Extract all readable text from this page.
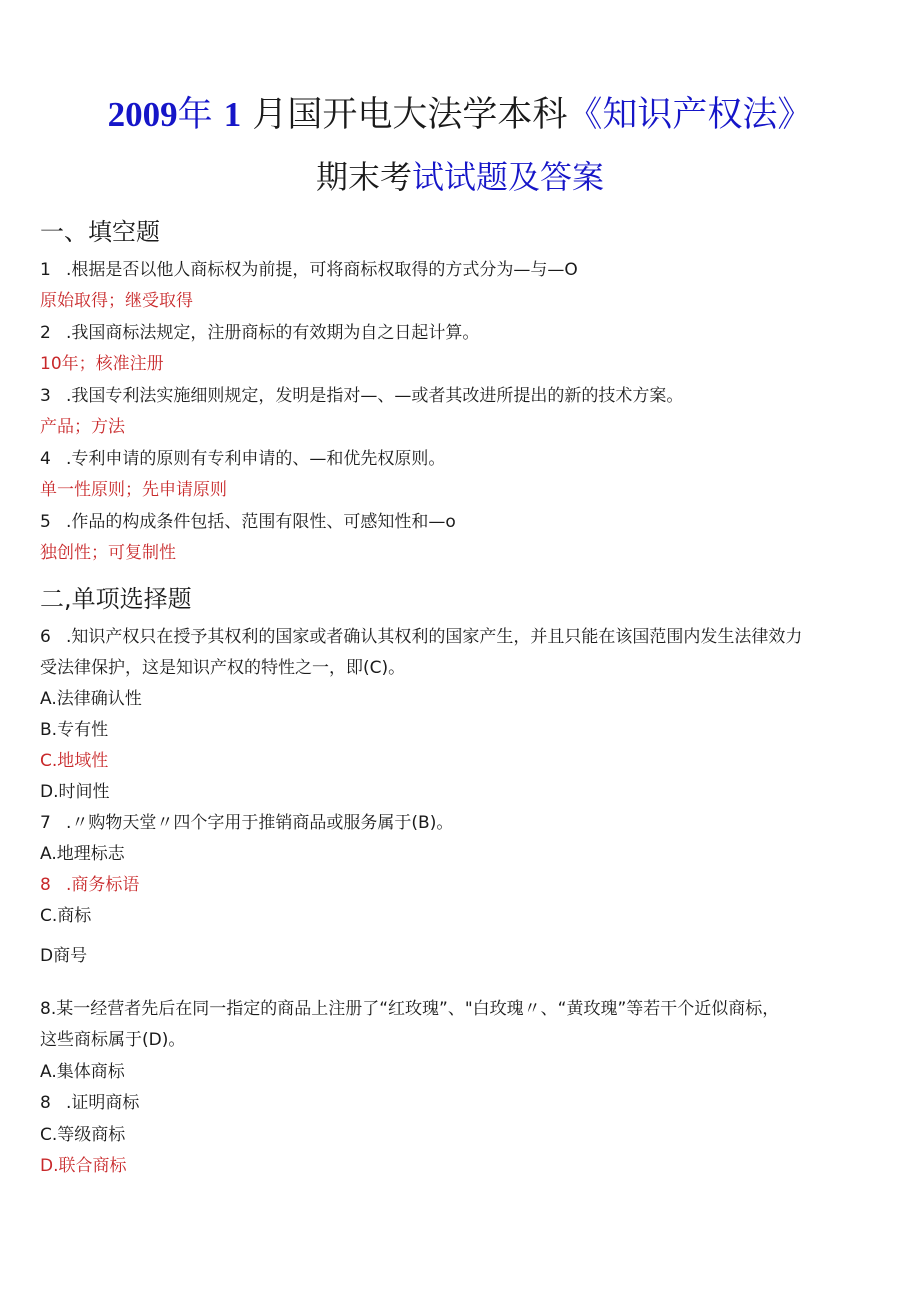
2009年 1 月国开电大法学本科《知识产权法》
期末考试试题及答案
一、填空题
1 .根据是否以他人商标权为前提，可将商标权取得的方式分为—与—O
原始取得；继受取得
2 .我国商标法规定，注册商标的有效期为自之日起计算。
10年；核准注册
3 .我国专利法实施细则规定，发明是指对—、—或者其改进所提出的新的技术方案。
产品；方法
4 .专利申请的原则有专利申请的、—和优先权原则。
单一性原则；先申请原则
5 .作品的构成条件包括、范围有限性、可感知性和—o
独创性；可复制性
二,单项选择题
6 .知识产权只在授予其权利的国家或者确认其权利的国家产生，并且只能在该国范围内发生法律效力
受法律保护，这是知识产权的特性之一，即(C)。
A.法律确认性
B.专有性
C.地域性
D.时间性
7 .〃购物天堂〃四个字用于推销商品或服务属于(B)。
A.地理标志
8 .商务标语
C.商标
D商号
8.某一经营者先后在同一指定的商品上注册了“红玫瑰”、"白玫瑰〃、“黄玫瑰”等若干个近似商标，
这些商标属于(D)。
A.集体商标
8 .证明商标
C.等级商标
D.联合商标
